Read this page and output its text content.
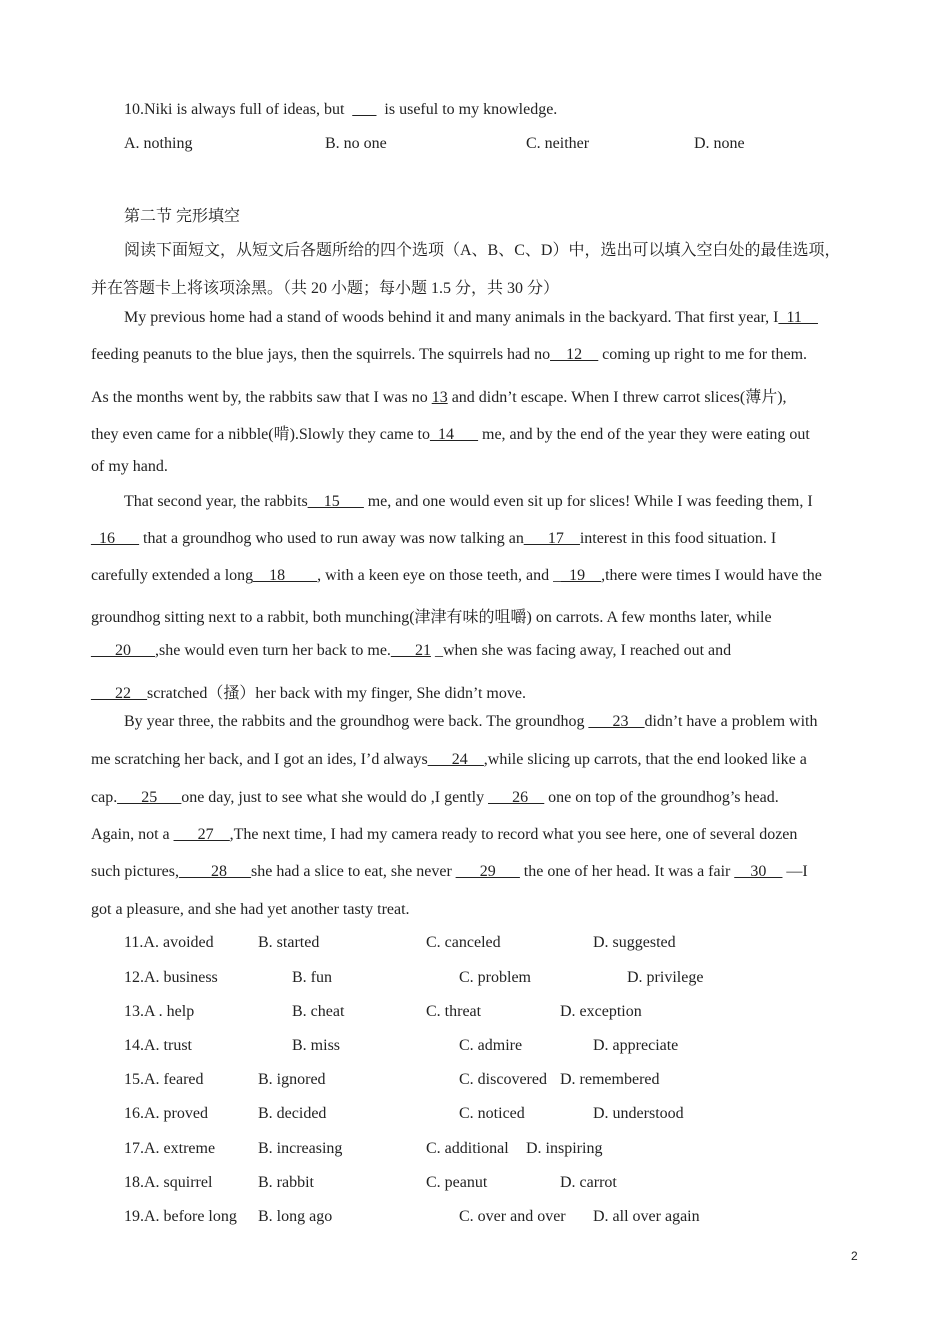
10.Niki is always full of ideas, but ___ is useful to my knowledge.
A. nothing	B. no one	C. neither	D. none
第二节 完形填空
阅读下面短文，从短文后各题所给的四个选项（A、B、C、D）中，选出可以填入空白处的最佳选项，
并在答题卡上将该项涂黑。（共 20 小题；每小题 1.5 分，共 30 分）
My previous home had a stand of woods behind it and many animals in the backyard. That first year, I_11__
feeding peanuts to the blue jays, then the squirrels. The squirrels had no__12__ coming up right to me for them.
As the months went by, the rabbits saw that I was no 13 and didn’t escape. When I threw carrot slices(薄片),
they even came for a nibble(啃).Slowly they came to_14___ me, and by the end of the year they were eating out
of my hand.
That second year, the rabbits__15___ me, and one would even sit up for slices! While I was feeding them, I
_16___ that a groundhog who used to run away was now talking an___17__interest in this food situation. I
carefully extended a long__18____, with a keen eye on those teeth, and __19__,there were times I would have the
groundhog sitting next to a rabbit, both munching(津津有味的咀嚼) on carrots. A few months later, while
___20___,she would even turn her back to me.___21 _when she was facing away, I reached out and
___22__scratched（搔）her back with my finger, She didn’t move.
By year three, the rabbits and the groundhog were back. The groundhog ___23__didn’t have a problem with
me scratching her back, and I got an ides, I’d always___24__,while slicing up carrots, that the end looked like a
cap.___25___one day, just to see what she would do ,I gently ___26__ one on top of the groundhog’s head.
Again, not a ___27__,The next time, I had my camera ready to record what you see here, one of several dozen
such pictures,____28___she had a slice to eat, she never ___29___ the one of her head. It was a fair __30__ —I
got a pleasure, and she had yet another tasty treat.
11.A. avoided	B. started	C. canceled	D. suggested
12.A. business	B. fun	C. problem	D. privilege
13.A . help	B. cheat	C. threat	D. exception
14.A. trust	B. miss	C. admire	D. appreciate
15.A. feared	B. ignored	C. discovered D. remembered
16.A. proved	B. decided	C. noticed	D. understood
17.A. extreme	B. increasing	C. additional D. inspiring
18.A. squirrel	B. rabbit	C. peanut	D. carrot
19.A. before long B. long ago	C. over and over D. all over again
2
